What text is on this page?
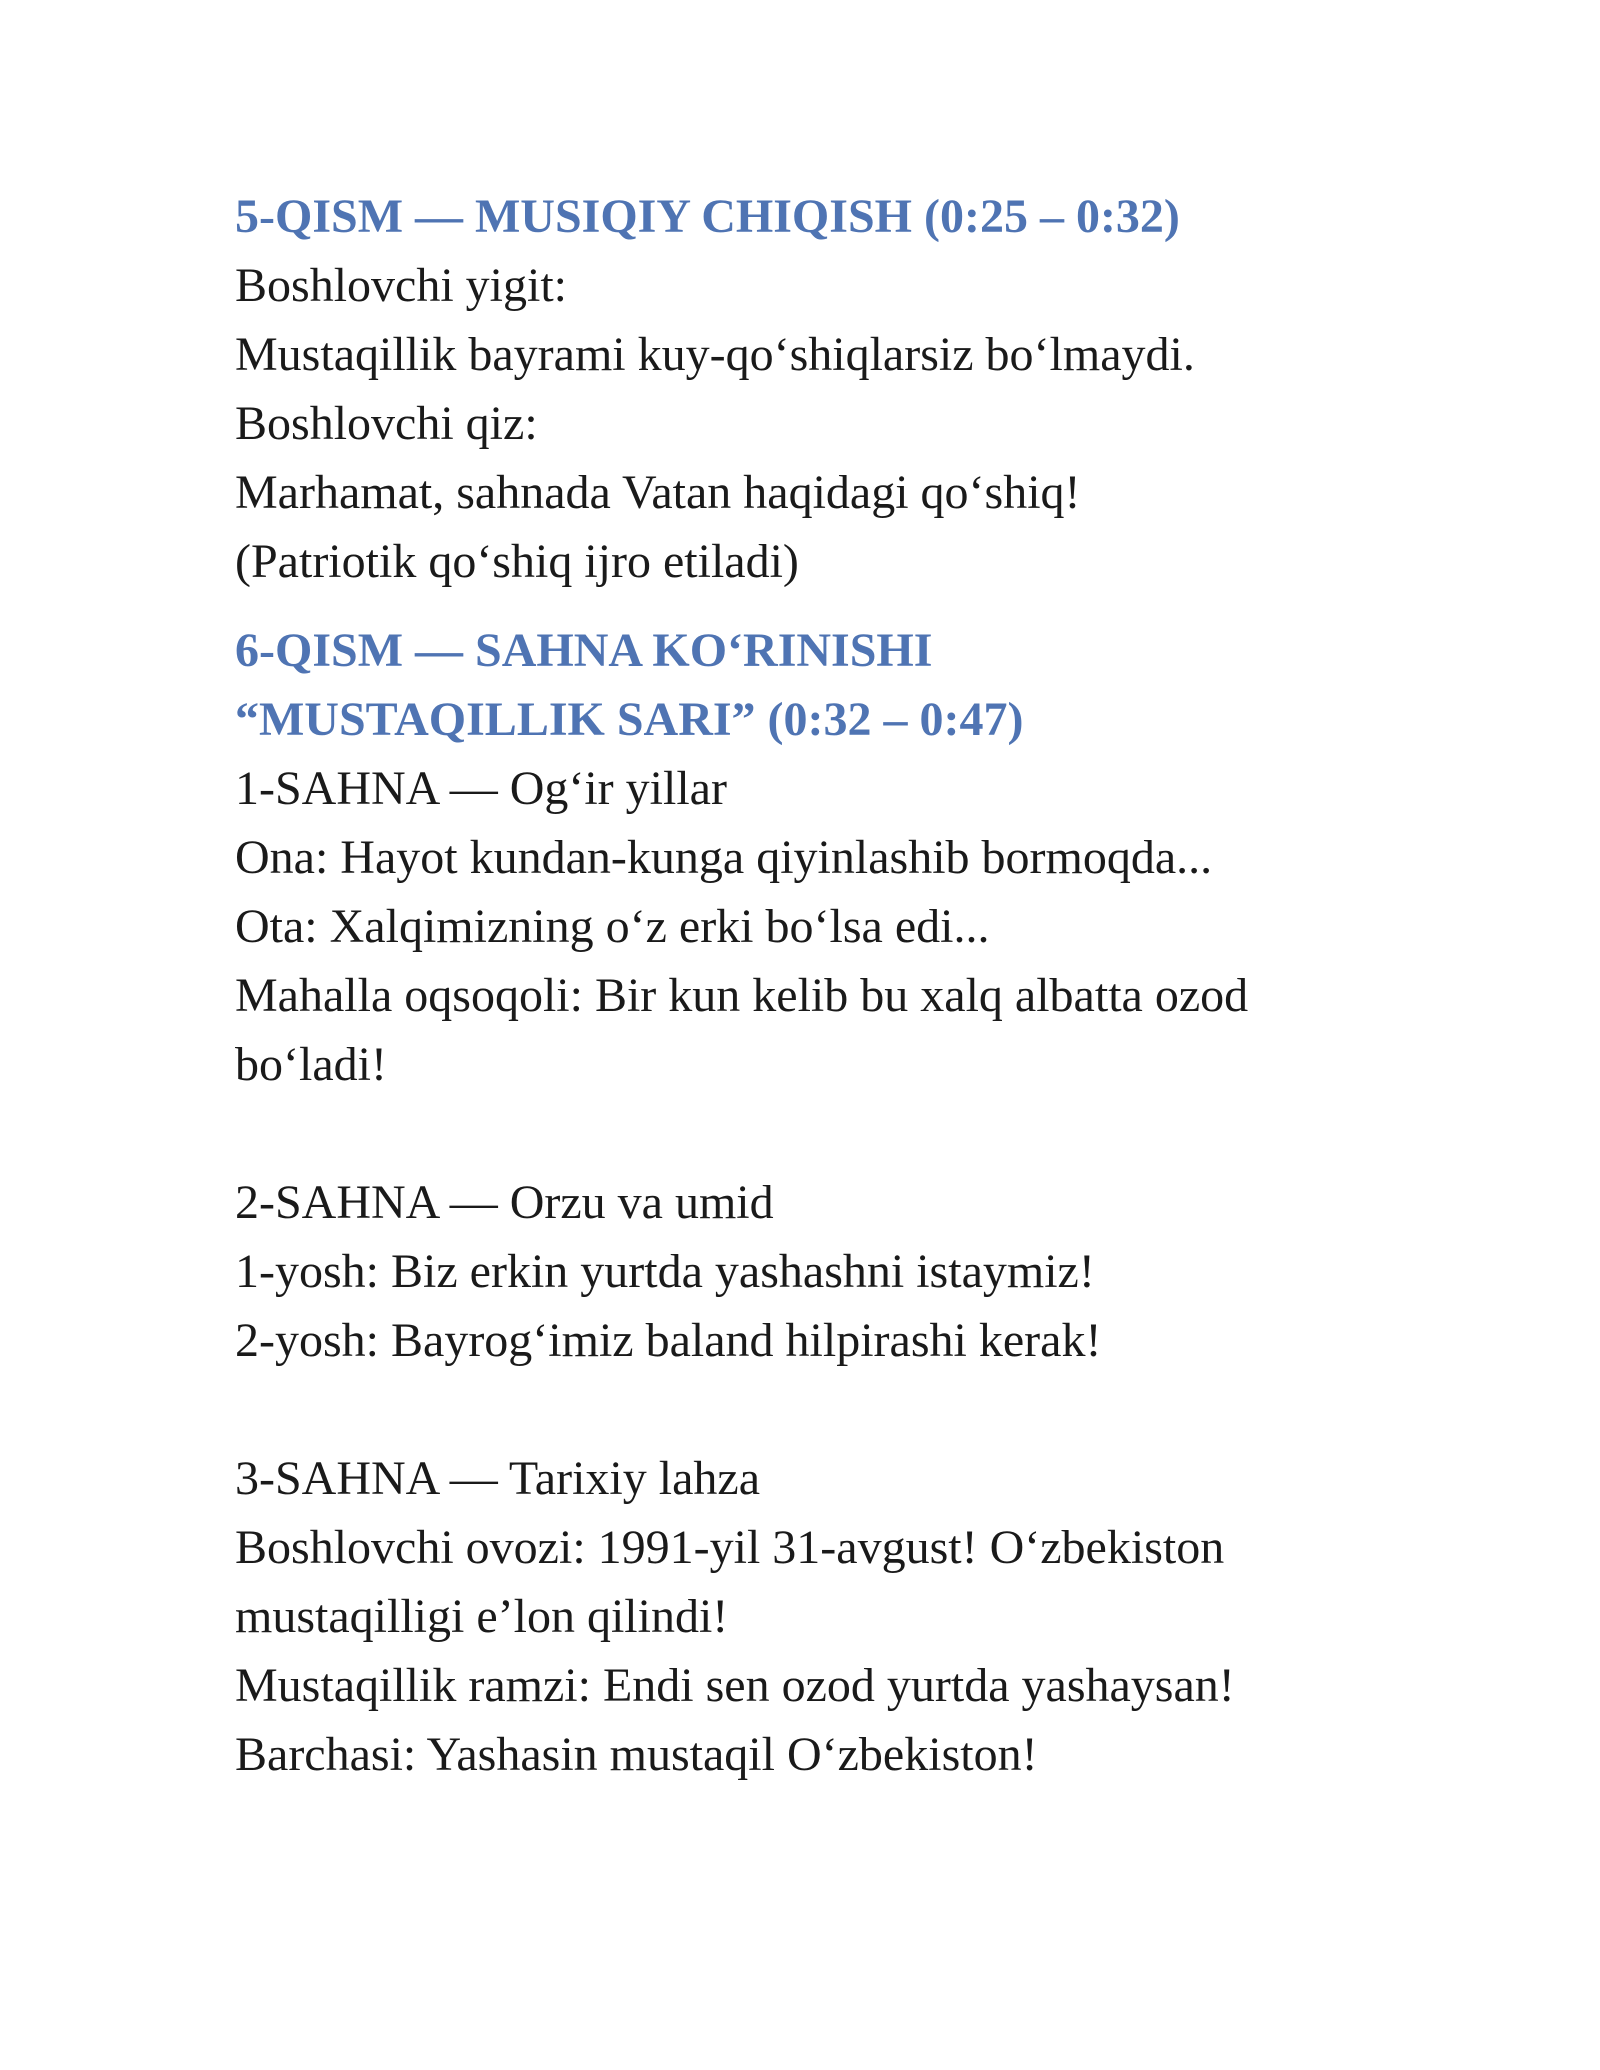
5-QISM — MUSIQIY CHIQISH (0:25 – 0:32)
Boshlovchi yigit:
Mustaqillik bayrami kuy-qo‘shiqlarsiz bo‘lmaydi.
Boshlovchi qiz:
Marhamat, sahnada Vatan haqidagi qo‘shiq!
(Patriotik qo‘shiq ijro etiladi)
6-QISM — SAHNA KO‘RINISHI
“MUSTAQILLIK SARI” (0:32 – 0:47)
1-SAHNA — Og‘ir yillar
Ona: Hayot kundan-kunga qiyinlashib bormoqda...
Ota: Xalqimizning o‘z erki bo‘lsa edi...
Mahalla oqsoqoli: Bir kun kelib bu xalq albatta ozod
bo‘ladi!
2-SAHNA — Orzu va umid
1-yosh: Biz erkin yurtda yashashni istaymiz!
2-yosh: Bayrog‘imiz baland hilpirashi kerak!
3-SAHNA — Tarixiy lahza
Boshlovchi ovozi: 1991-yil 31-avgust! O‘zbekiston
mustaqilligi e’lon qilindi!
Mustaqillik ramzi: Endi sen ozod yurtda yashaysan!
Barchasi: Yashasin mustaqil O‘zbekiston!
